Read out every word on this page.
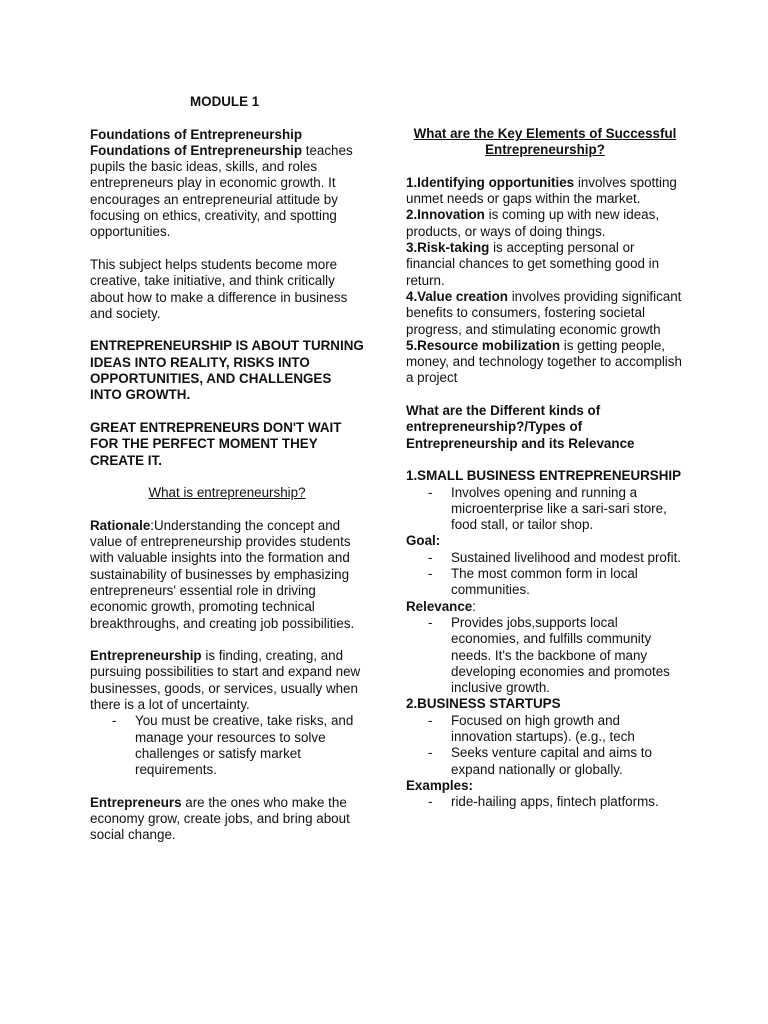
MODULE 1

Foundations of Entrepreneurship

Foundations of Entrepreneurship teaches pupils the basic ideas, skills, and roles entrepreneurs play in economic growth. It encourages an entrepreneurial attitude by focusing on ethics, creativity, and spotting opportunities.

This subject helps students become more creative, take initiative, and think critically about how to make a difference in business and society.

ENTREPRENEURSHIP IS ABOUT TURNING IDEAS INTO REALITY, RISKS INTO OPPORTUNITIES, AND CHALLENGES INTO GROWTH.

GREAT ENTREPRENEURS DON'T WAIT FOR THE PERFECT MOMENT THEY CREATE IT.

What is entrepreneurship?

Rationale:Understanding the concept and value of entrepreneurship provides students with valuable insights into the formation and sustainability of businesses by emphasizing entrepreneurs' essential role in driving economic growth, promoting technical breakthroughs, and creating job possibilities.

Entrepreneurship is finding, creating, and pursuing possibilities to start and expand new businesses, goods, or services, usually when there is a lot of uncertainty.

- You must be creative, take risks, and manage your resources to solve challenges or satisfy market requirements.

Entrepreneurs are the ones who make the economy grow, create jobs, and bring about social change.

What are the Key Elements of Successful Entrepreneurship?

1.Identifying opportunities involves spotting unmet needs or gaps within the market.

2.Innovation is coming up with new ideas, products, or ways of doing things.

3.Risk-taking is accepting personal or financial chances to get something good in return.

4.Value creation involves providing significant benefits to consumers, fostering societal progress, and stimulating economic growth

5.Resource mobilization is getting people, money, and technology together to accomplish a project

What are the Different kinds of entrepreneurship?/Types of Entrepreneurship and its Relevance

1.SMALL BUSINESS ENTREPRENEURSHIP

- Involves opening and running a microenterprise like a sari-sari store, food stall, or tailor shop.

Goal:

- Sustained livelihood and modest profit.
- The most common form in local communities.

Relevance:

- Provides jobs,supports local economies, and fulfills community needs. It's the backbone of many developing economies and promotes inclusive growth.

2.BUSINESS STARTUPS

- Focused on high growth and innovation startups). (e.g., tech
- Seeks venture capital and aims to expand nationally or globally.

Examples:

- ride-hailing apps, fintech platforms.
